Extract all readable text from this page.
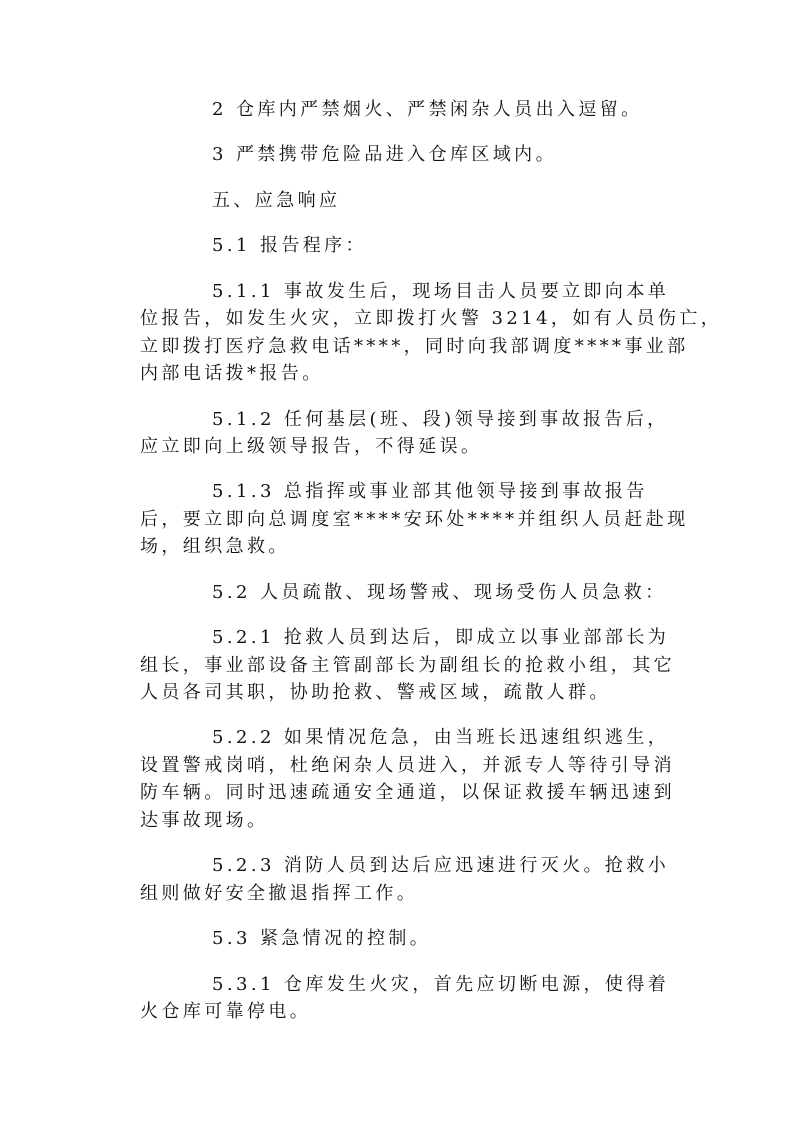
2 仓库内严禁烟火、严禁闲杂人员出入逗留。
3 严禁携带危险品进入仓库区域内。
五、应急响应
5.1 报告程序：
5.1.1 事故发生后，现场目击人员要立即向本单
位报告，如发生火灾，立即拨打火警 3214，如有人员伤亡，
立即拨打医疗急救电话****，同时向我部调度****事业部
内部电话拨*报告。
5.1.2 任何基层(班、段)领导接到事故报告后，
应立即向上级领导报告，不得延误。
5.1.3 总指挥或事业部其他领导接到事故报告
后，要立即向总调度室****安环处****并组织人员赶赴现
场，组织急救。
5.2 人员疏散、现场警戒、现场受伤人员急救：
5.2.1 抢救人员到达后，即成立以事业部部长为
组长，事业部设备主管副部长为副组长的抢救小组，其它
人员各司其职，协助抢救、警戒区域，疏散人群。
5.2.2 如果情况危急，由当班长迅速组织逃生，
设置警戒岗哨，杜绝闲杂人员进入，并派专人等待引导消
防车辆。同时迅速疏通安全通道，以保证救援车辆迅速到
达事故现场。
5.2.3 消防人员到达后应迅速进行灭火。抢救小
组则做好安全撤退指挥工作。
5.3 紧急情况的控制。
5.3.1 仓库发生火灾，首先应切断电源，使得着
火仓库可靠停电。
